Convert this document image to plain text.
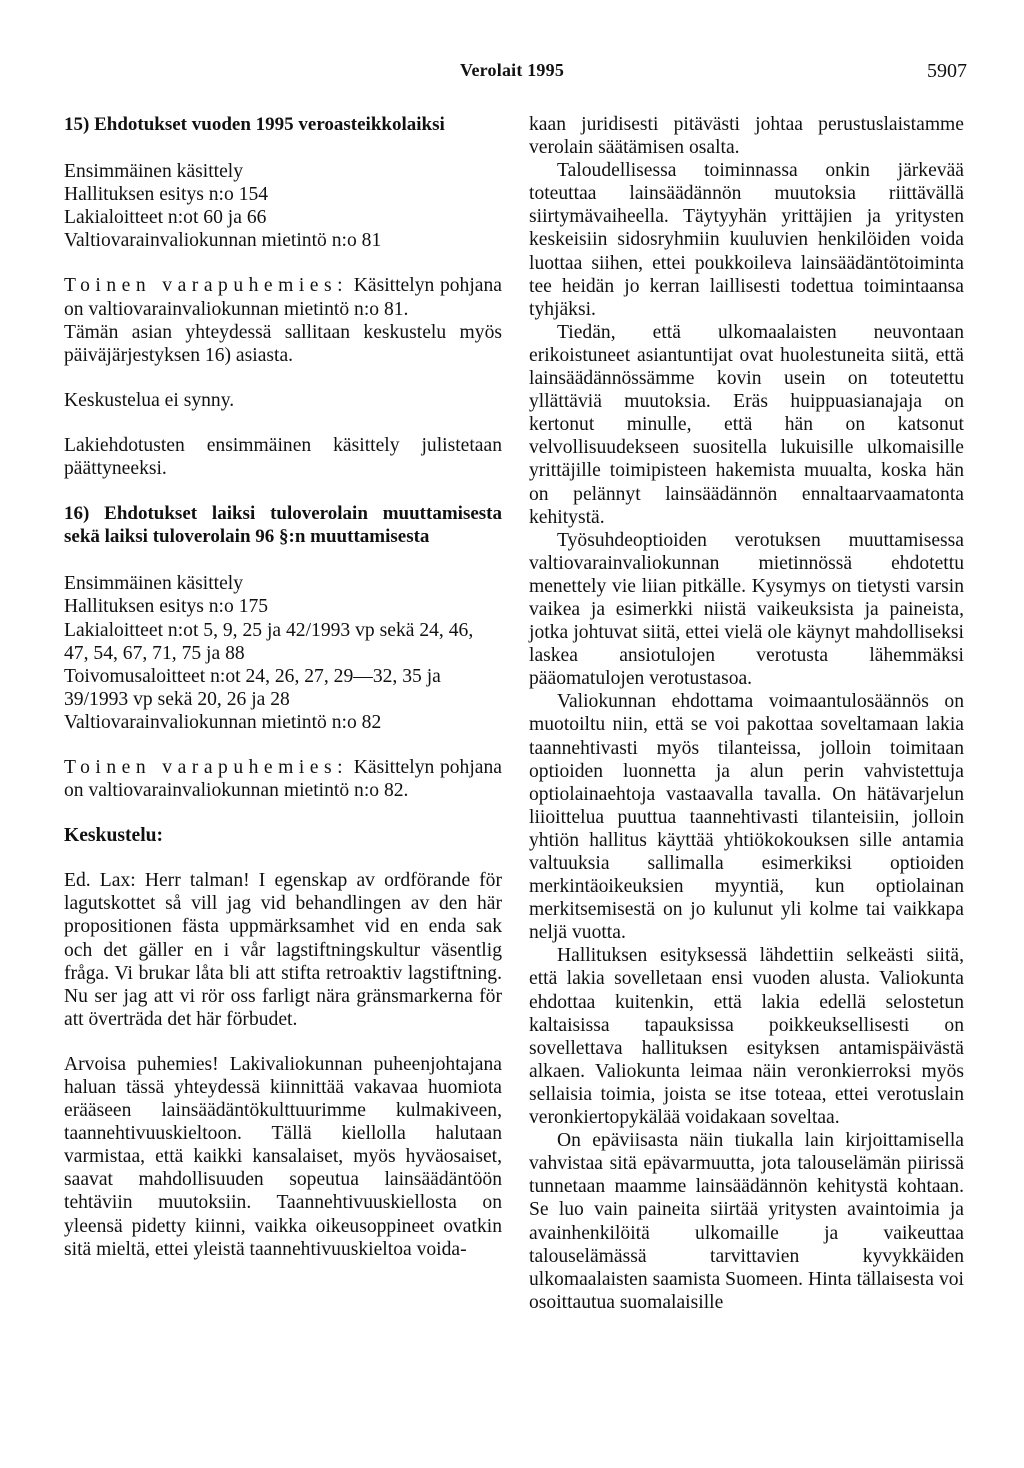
Verolait 1995	5907

15) Ehdotukset vuoden 1995 veroasteikkolaiksi

Ensimmäinen käsittely
Hallituksen esitys n:o 154
Lakialoitteet n:ot 60 ja 66
Valtiovarainvaliokunnan mietintö n:o 81

Toinen varapuhemies: Käsittelyn pohjana on valtiovarainvaliokunnan mietintö n:o 81.

Tämän asian yhteydessä sallitaan keskustelu myös päiväjärjestyksen 16) asiasta.

Keskustelua ei synny.

Lakiehdotusten ensimmäinen käsittely julistetaan päättyneeksi.

16) Ehdotukset laiksi tuloverolain muuttamisesta sekä laiksi tuloverolain 96 §:n muuttamisesta

Ensimmäinen käsittely
Hallituksen esitys n:o 175

Lakialoitteet n:ot 5, 9, 25 ja 42/1993 vp sekä 24, 46, 47, 54, 67, 71, 75 ja 88

Toivomusaloitteet n:ot 24, 26, 27, 29—32, 35 ja 39/1993 vp sekä 20, 26 ja 28

Valtiovarainvaliokunnan mietintö n:o 82

Toinen varapuhemies: Käsittelyn pohjana on valtiovarainvaliokunnan mietintö n:o 82.

Keskustelu:

Ed. Lax: Herr talman! I egenskap av ordförande för lagutskottet så vill jag vid behandlingen av den här propositionen fästa uppmärksamhet vid en enda sak och det gäller en i vår lagstiftningskultur väsentlig fråga. Vi brukar låta bli att stifta retroaktiv lagstiftning. Nu ser jag att vi rör oss farligt nära gränsmarkerna för att överträda det här förbudet.

Arvoisa puhemies! Lakivaliokunnan puheenjohtajana haluan tässä yhteydessä kiinnittää vakavaa huomiota erääseen lainsäädäntökulttuurimme kulmakiveen, taannehtivuuskieltoon. Tällä kiellolla halutaan varmistaa, että kaikki kansalaiset, myös hyväosaiset, saavat mahdollisuuden sopeutua lainsäädäntöön tehtäviin muutoksiin. Taannehtivuuskiellosta on yleensä pidetty kiinni, vaikka oikeusoppineet ovatkin sitä mieltä, ettei yleistä taannehtivuuskieltoa voida-

kaan juridisesti pitävästi johtaa perustuslaistamme verolain säätämisen osalta.

Taloudellisessa toiminnassa onkin järkevää toteuttaa lainsäädännön muutoksia riittävällä siirtymävaiheella. Täytyyhän yrittäjien ja yritysten keskeisiin sidosryhmiin kuuluvien henkilöiden voida luottaa siihen, ettei poukkoileva lainsäädäntötoiminta tee heidän jo kerran laillisesti todettua toimintaansa tyhjäksi.

Tiedän, että ulkomaalaisten neuvontaan erikoistuneet asiantuntijat ovat huolestuneita siitä, että lainsäädännössämme kovin usein on toteutettu yllättäviä muutoksia. Eräs huippuasianajaja on kertonut minulle, että hän on katsonut velvollisuudekseen suositella lukuisille ulkomaisille yrittäjille toimipisteen hakemista muualta, koska hän on pelännyt lainsäädännön ennaltaarvaamatonta kehitystä.

Työsuhdeoptioiden verotuksen muuttamisessa valtiovarainvaliokunnan mietinnössä ehdotettu menettely vie liian pitkälle. Kysymys on tietysti varsin vaikea ja esimerkki niistä vaikeuksista ja paineista, jotka johtuvat siitä, ettei vielä ole käynyt mahdolliseksi laskea ansiotulojen verotusta lähemmäksi pääomatulojen verotustasoa.

Valiokunnan ehdottama voimaantulosäännös on muotoiltu niin, että se voi pakottaa soveltamaan lakia taannehtivasti myös tilanteissa, jolloin toimitaan optioiden luonnetta ja alun perin vahvistettuja optiolainaehtoja vastaavalla tavalla. On hätävarjelun liioittelua puuttua taannehtivasti tilanteisiin, jolloin yhtiön hallitus käyttää yhtiökokouksen sille antamia valtuuksia sallimalla esimerkiksi optioiden merkintäoikeuksien myyntiä, kun optiolainan merkitsemisestä on jo kulunut yli kolme tai vaikkapa neljä vuotta.

Hallituksen esityksessä lähdettiin selkeästi siitä, että lakia sovelletaan ensi vuoden alusta. Valiokunta ehdottaa kuitenkin, että lakia edellä selostetun kaltaisissa tapauksissa poikkeuksellisesti on sovellettava hallituksen esityksen antamispäivästä alkaen. Valiokunta leimaa näin veronkierroksi myös sellaisia toimia, joista se itse toteaa, ettei verotuslain veronkiertopykälää voidakaan soveltaa.

On epäviisasta näin tiukalla lain kirjoittamisella vahvistaa sitä epävarmuutta, jota talouselämän piirissä tunnetaan maamme lainsäädännön kehitystä kohtaan. Se luo vain paineita siirtää yritysten avaintoimia ja avainhenkilöitä ulkomaille ja vaikeuttaa talouselämässä tarvittavien kyvykkäiden ulkomaalaisten saamista Suomeen. Hinta tällaisesta voi osoittautua suomalaisille
